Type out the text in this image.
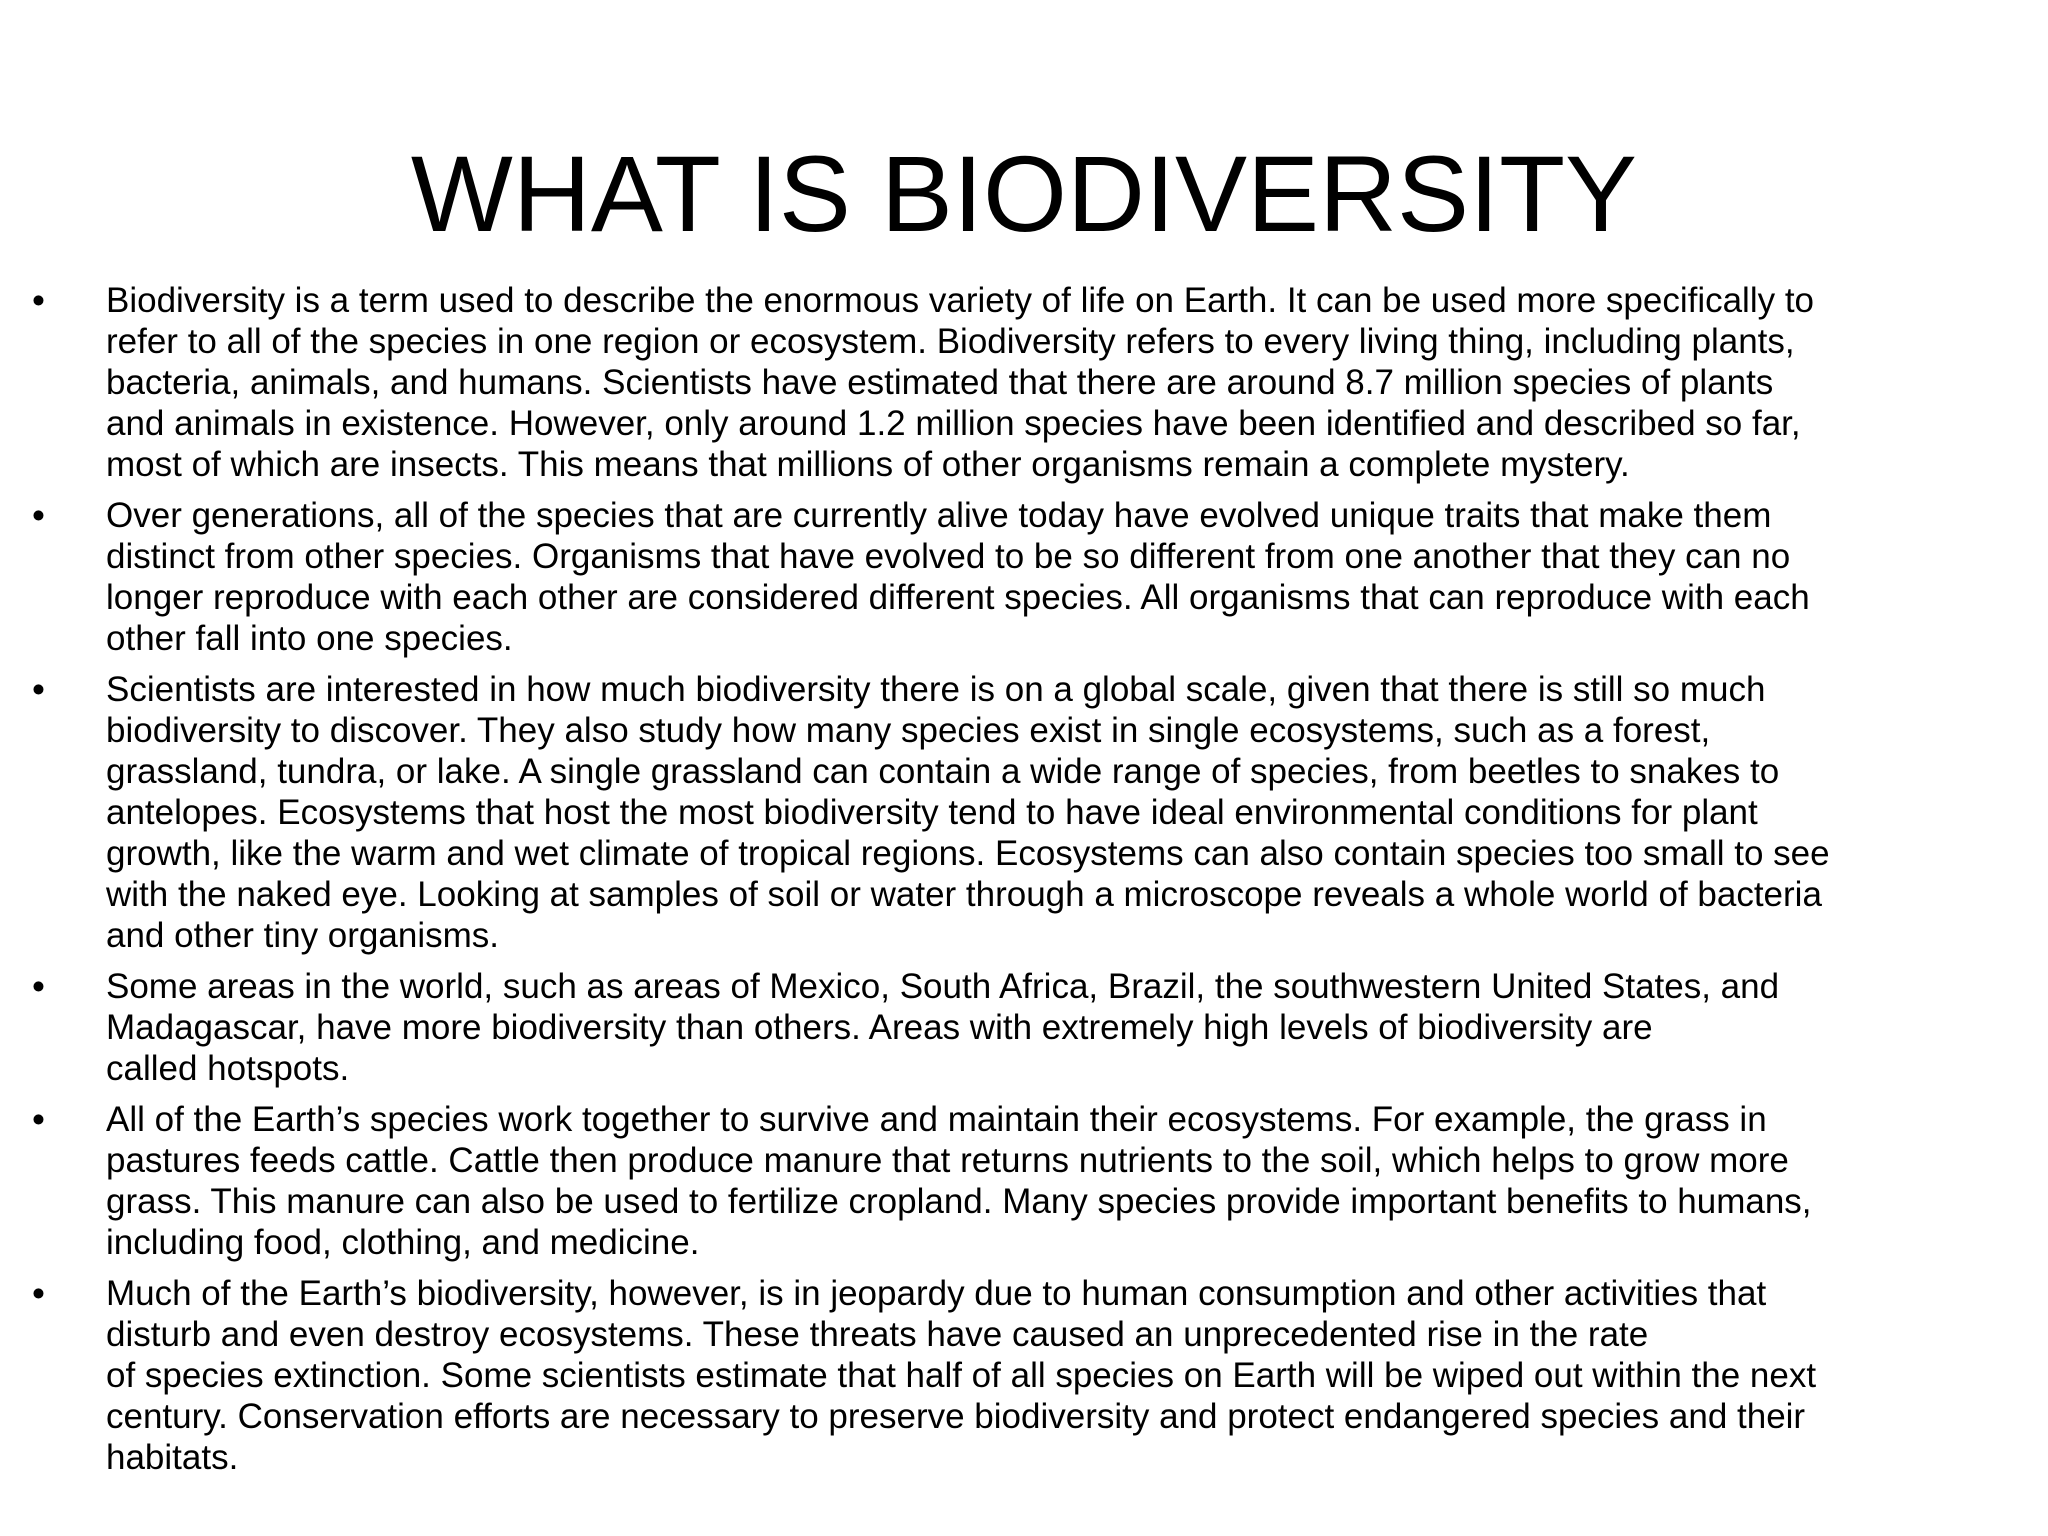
WHAT IS BIODIVERSITY
• Biodiversity is a term used to describe the enormous variety of life on Earth. It can be used more specifically to
refer to all of the species in one region or ecosystem. Biodiversity refers to every living thing, including plants,
bacteria, animals, and humans. Scientists have estimated that there are around 8.7 million species of plants
and animals in existence. However, only around 1.2 million species have been identified and described so far,
most of which are insects. This means that millions of other organisms remain a complete mystery.
• Over generations, all of the species that are currently alive today have evolved unique traits that make them
distinct from other species. Organisms that have evolved to be so different from one another that they can no
longer reproduce with each other are considered different species. All organisms that can reproduce with each
other fall into one species.
• Scientists are interested in how much biodiversity there is on a global scale, given that there is still so much
biodiversity to discover. They also study how many species exist in single ecosystems, such as a forest,
grassland, tundra, or lake. A single grassland can contain a wide range of species, from beetles to snakes to
antelopes. Ecosystems that host the most biodiversity tend to have ideal environmental conditions for plant
growth, like the warm and wet climate of tropical regions. Ecosystems can also contain species too small to see
with the naked eye. Looking at samples of soil or water through a microscope reveals a whole world of bacteria
and other tiny organisms.
• Some areas in the world, such as areas of Mexico, South Africa, Brazil, the southwestern United States, and
Madagascar, have more biodiversity than others. Areas with extremely high levels of biodiversity are
called hotspots.
• All of the Earth’s species work together to survive and maintain their ecosystems. For example, the grass in
pastures feeds cattle. Cattle then produce manure that returns nutrients to the soil, which helps to grow more
grass. This manure can also be used to fertilize cropland. Many species provide important benefits to humans,
including food, clothing, and medicine.
• Much of the Earth’s biodiversity, however, is in jeopardy due to human consumption and other activities that
disturb and even destroy ecosystems. These threats have caused an unprecedented rise in the rate
of species extinction. Some scientists estimate that half of all species on Earth will be wiped out within the next
century. Conservation efforts are necessary to preserve biodiversity and protect endangered species and their
habitats.
